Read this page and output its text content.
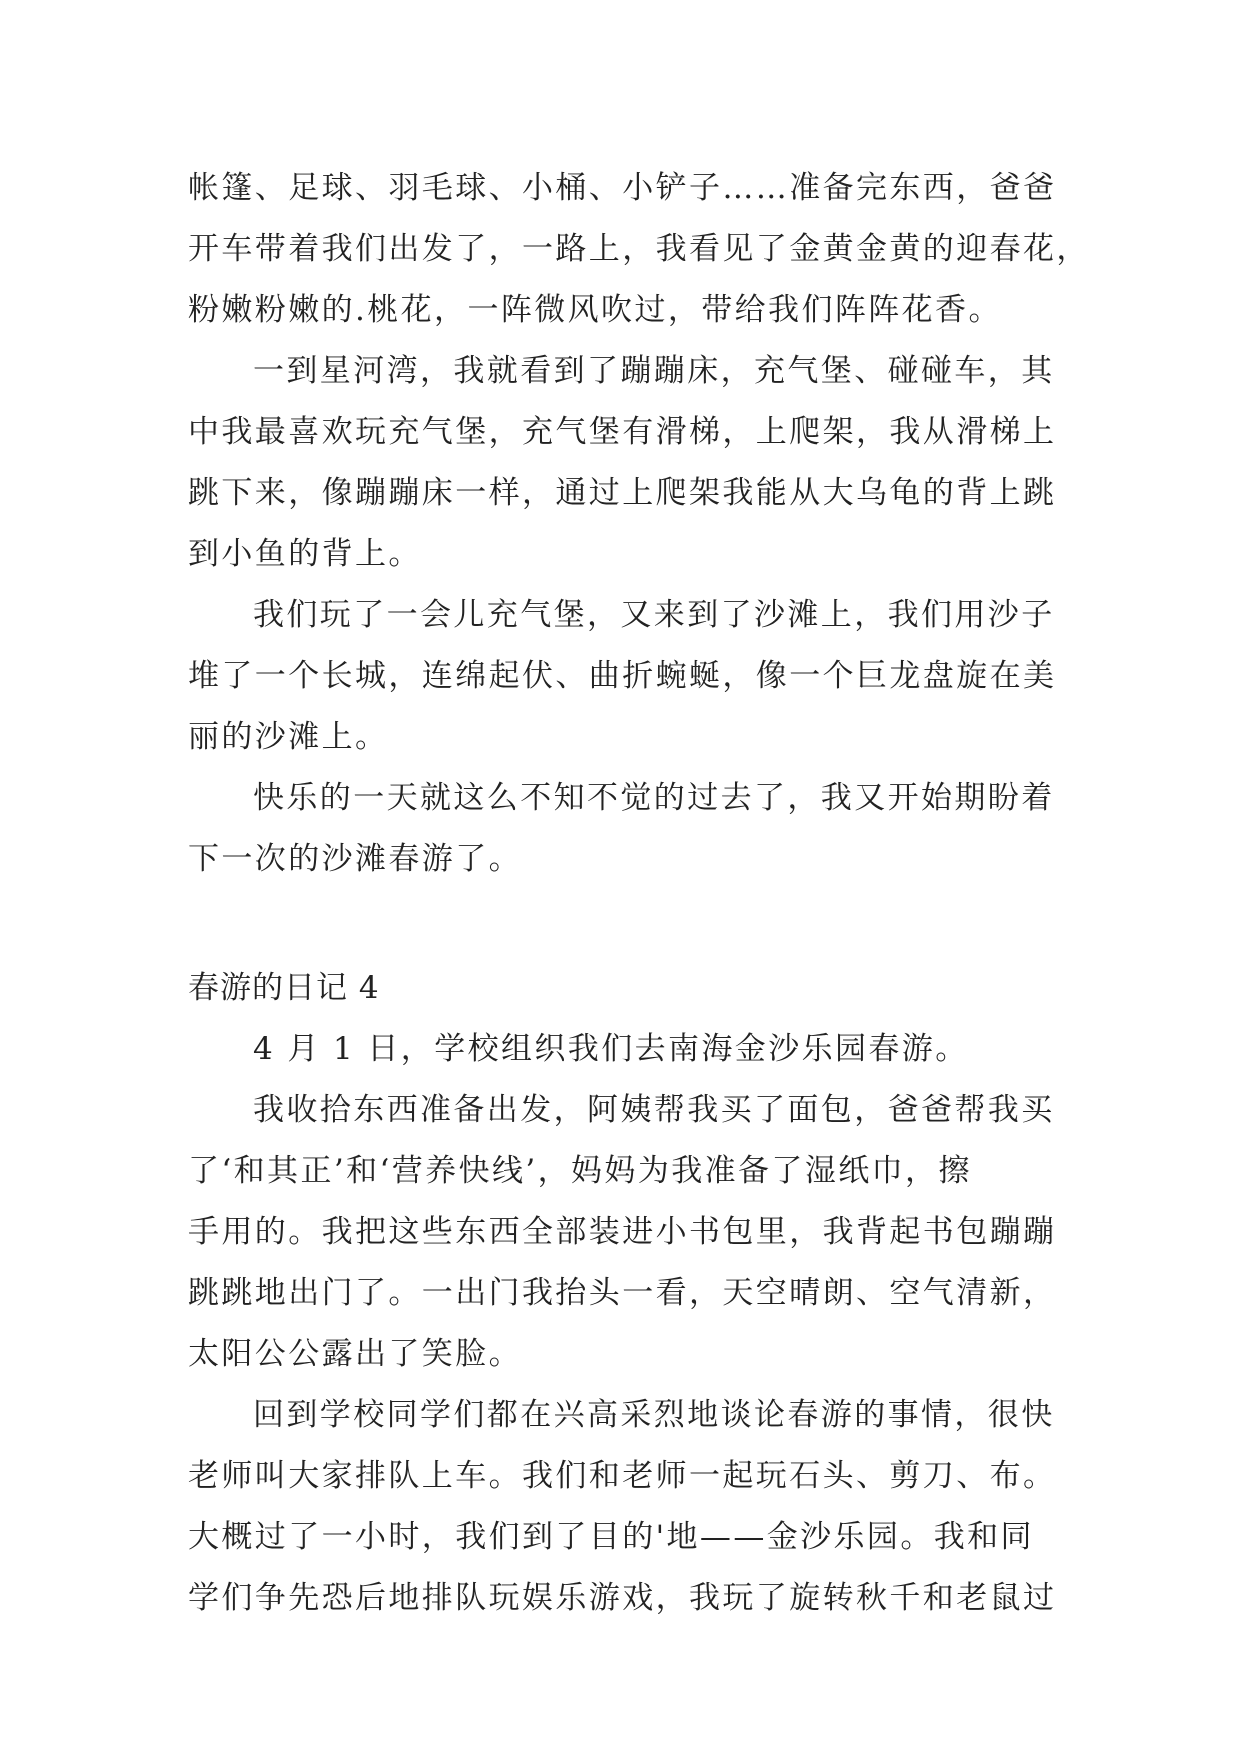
帐篷、足球、羽毛球、小桶、小铲子……准备完东西，爸爸
开车带着我们出发了，一路上，我看见了金黄金黄的迎春花，
粉嫩粉嫩的.桃花，一阵微风吹过，带给我们阵阵花香。
一到星河湾，我就看到了蹦蹦床，充气堡、碰碰车，其
中我最喜欢玩充气堡，充气堡有滑梯，上爬架，我从滑梯上
跳下来，像蹦蹦床一样，通过上爬架我能从大乌龟的背上跳
到小鱼的背上。
我们玩了一会儿充气堡，又来到了沙滩上，我们用沙子
堆了一个长城，连绵起伏、曲折蜿蜒，像一个巨龙盘旋在美
丽的沙滩上。
快乐的一天就这么不知不觉的过去了，我又开始期盼着
下一次的沙滩春游了。
春游的日记 4
4 月 1 日，学校组织我们去南海金沙乐园春游。
我收拾东西准备出发，阿姨帮我买了面包，爸爸帮我买
了‘和其正’和‘营养快线’，妈妈为我准备了湿纸巾，擦
手用的。我把这些东西全部装进小书包里，我背起书包蹦蹦
跳跳地出门了。一出门我抬头一看，天空晴朗、空气清新，
太阳公公露出了笑脸。
回到学校同学们都在兴高采烈地谈论春游的事情，很快
老师叫大家排队上车。我们和老师一起玩石头、剪刀、布。
大概过了一小时，我们到了目的'地——金沙乐园。我和同
学们争先恐后地排队玩娱乐游戏，我玩了旋转秋千和老鼠过
